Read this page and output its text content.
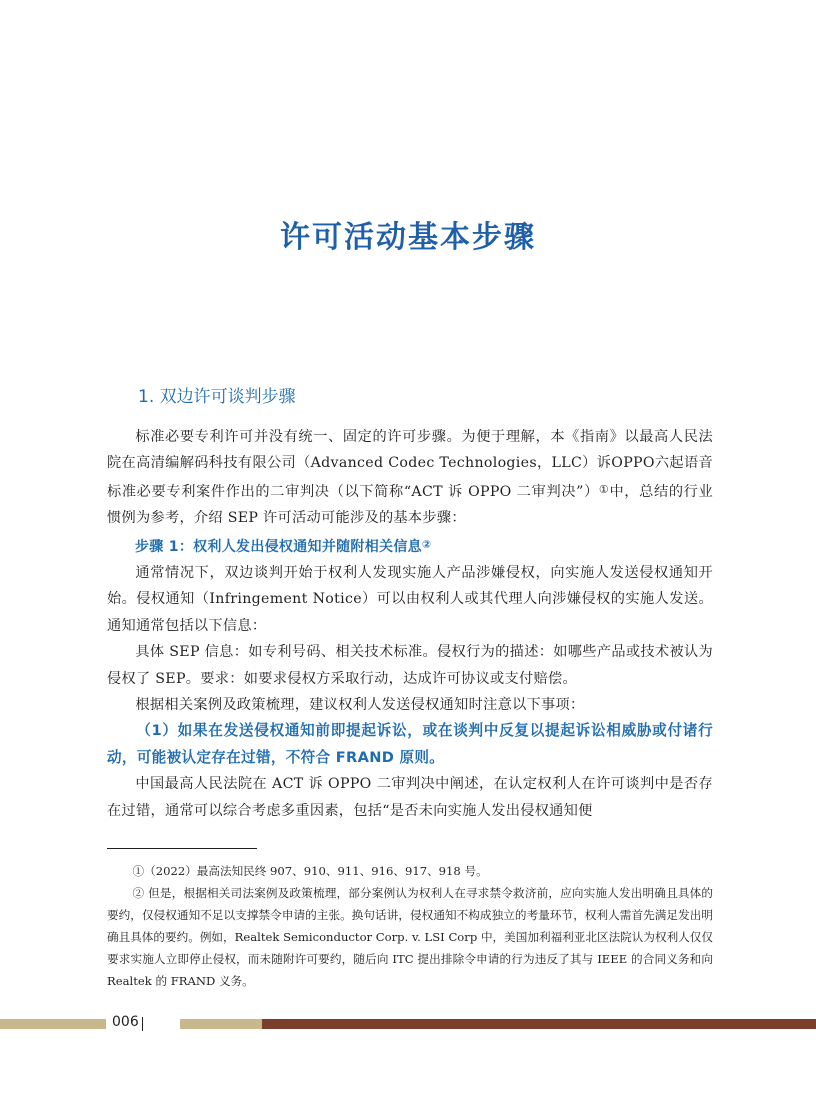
许可活动基本步骤
1. 双边许可谈判步骤

标准必要专利许可并没有统一、固定的许可步骤。为便于理解，本《指南》以最高人民法院在高清编解码科技有限公司（Advanced Codec Technologies，LLC）诉OPPO六起语音标准必要专利案件作出的二审判决（以下简称“ACT 诉 OPPO 二审判决”）①中，总结的行业惯例为参考，介绍 SEP 许可活动可能涉及的基本步骤：

步骤 1：权利人发出侵权通知并随附相关信息②

通常情况下，双边谈判开始于权利人发现实施人产品涉嫌侵权，向实施人发送侵权通知开始。侵权通知（Infringement Notice）可以由权利人或其代理人向涉嫌侵权的实施人发送。通知通常包括以下信息：

具体 SEP 信息：如专利号码、相关技术标准。侵权行为的描述：如哪些产品或技术被认为侵权了 SEP。要求：如要求侵权方采取行动，达成许可协议或支付赔偿。

根据相关案例及政策梳理，建议权利人发送侵权通知时注意以下事项：

（1）如果在发送侵权通知前即提起诉讼，或在谈判中反复以提起诉讼相威胁或付诸行动，可能被认定存在过错，不符合 FRAND 原则。

中国最高人民法院在 ACT 诉 OPPO 二审判决中阐述，在认定权利人在许可谈判中是否存在过错，通常可以综合考虑多重因素，包括“是否未向实施人发出侵权通知便

①（2022）最高法知民终 907、910、911、916、917、918 号。

② 但是，根据相关司法案例及政策梳理，部分案例认为权利人在寻求禁令救济前，应向实施人发出明确且具体的要约，仅侵权通知不足以支撑禁令申请的主张。换句话讲，侵权通知不构成独立的考量环节，权利人需首先满足发出明确且具体的要约。例如，Realtek Semiconductor Corp. v. LSI Corp 中，美国加利福利亚北区法院认为权利人仅仅要求实施人立即停止侵权，而未随附许可要约，随后向 ITC 提出排除令申请的行为违反了其与 IEEE 的合同义务和向 Realtek 的 FRAND 义务。

006
